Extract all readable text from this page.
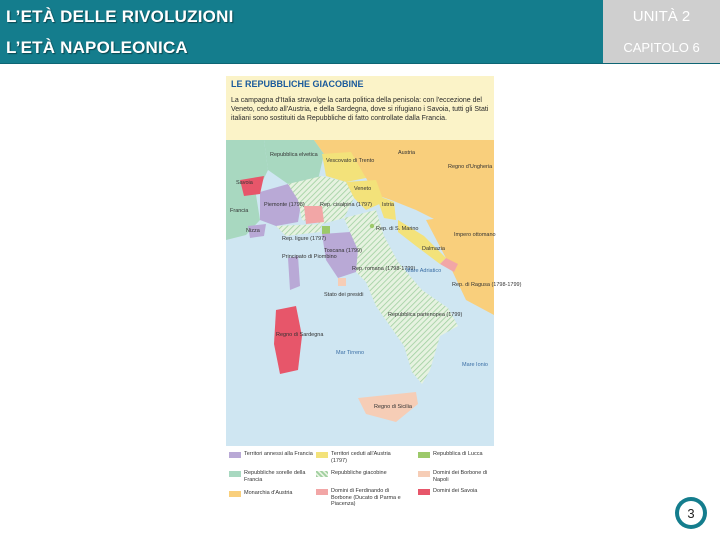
L’ETÀ DELLE RIVOLUZIONI
L’ETÀ NAPOLEONICA
UNITÀ 2
CAPITOLO 6
LE REPUBBLICHE GIACOBINE
La campagna d'Italia stravolge la carta politica della penisola: con l'eccezione del Veneto, ceduto all'Austria, e della Sardegna, dove si rifugiano i Savoia, tutti gli Stati italiani sono sostituiti da Repubbliche di fatto controllate dalla Francia.
Repubblica elvetica
Savoia
Francia
Nizza
Piemonte (1798)
Vescovato di Trento
Austria
Regno d'Ungheria
Rep. cisalpina (1797)
Veneto
Istria
Rep. ligure (1797)
Rep. di S. Marino
Impero ottomano
Dalmazia
Principato di Piombino
Toscana (1799)
Rep. romana (1798-1799)
Mare Adriatico
Rep. di Ragusa (1798-1799)
Stato dei presidi
Repubblica partenopea (1799)
Regno di Sardegna
Mar Tirreno
Mare Ionio
Regno di Sicilia
Territori annessi alla Francia
Repubbliche sorelle della Francia
Monarchia d'Austria
Territori ceduti all'Austria (1797)
Repubbliche giacobine
Domini di Ferdinando di Borbone (Ducato di Parma e Piacenza)
Repubblica di Lucca
Domini dei Borbone di Napoli
Domini dei Savoia
3
